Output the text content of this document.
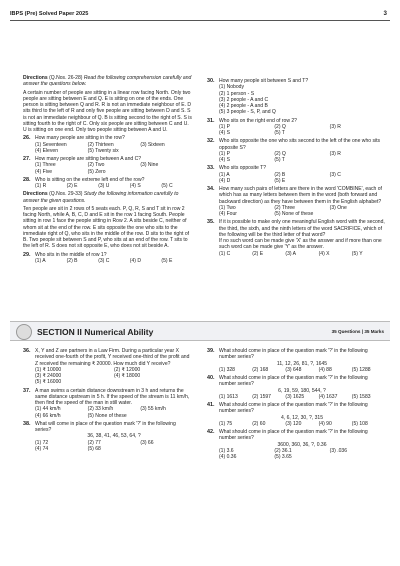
IBPS (Pre) Solved Paper 2025	3

Directions (Q.Nos. 26-28) Read the following comprehension carefully and answer the questions below.

A certain number of people are sitting in a linear row facing North. Only two people are sitting between E and Q. E is sitting on one of the ends. One person is sitting between Q and R. R is not an immediate neighbour of E. D sits third to the left of R and only five people are sitting between D and S. S is not an immediate neighbour of Q. B is sitting second to the right of S. S is sitting fourth to the right of C. Only six people are sitting between C and U. U is sitting on one end. Only two people sitting between A and U.

26. How many people are sitting in the row?
(1) Seventeen	(2) Thirteen	(3) Sixteen
(4) Eleven	(5) Twenty six
27. How many people are sitting between A and C?
(1) Three	(2) Two	(3) Nine
(4) Five	(5) Zero
28. Who is sitting on the extreme left end of the row?
(1) R	(2) E	(3) U	(4) S	(5) C

Directions (Q.Nos. 29-33) Study the following information carefully to answer the given questions.

Ten people are sit in 2 rows of 5 seats each. P, Q, R, S and T sit in row 2 facing North, while A, B, C, D and E sit in the row 1 facing South. People sitting in row 1 face the people sitting in Row 2. A sits beside C, neither of whom sit at the end of the row. E sits opposite the one who sits to the immediate right of Q, who sits in the middle of the row. D sits to the right of B. Two people sit between S and P, who sits at an end of the row. T sits to the left of R. S does not sit opposite E, who does not sit beside A.

29. Who sits in the middle of row 1?
(1) A	(2) B	(3) C	(4) D	(5) E
30. How many people sit between S and T?
(1) Nobody
(2) 1 person - S
(3) 2 people - A and C
(4) 2 people - A and B
(5) 3 people - S, P, and Q
31. Who sits on the right end of row 2?
(1) P	(2) Q	(3) R
(4) S	(5) T
32. Who sits opposite the one who sits second to the left of the one who sits opposite S?
(1) P	(2) Q	(3) R
(4) S	(5) T
33. Who sits opposite T?
(1) A	(2) B	(3) C
(4) D	(5) E
34. How many such pairs of letters are there in the word 'COMBINE', each of which has as many letters between them in the word (both forward and backward direction) as they have between them in the English alphabet?
(1) Two	(2) Three	(3) One
(4) Four	(5) None of these
35. If it is possible to make only one meaningful English word with the second, the third, the sixth, and the ninth letters of the word SACRIFICE, which of the following will be the third letter of that word?

If no such word can be made give 'X' as the answer and if more than one such word can be made give 'Y' as the answer.

(1) C	(2) E	(3) A	(4) X	(5) Y
SECTION II Numerical Ability	35 Questions | 35 Marks
36. X, Y and Z are partners in a Law Firm. During a particular year X received one-fourth of the profit, Y received one-third of the profit and Z received the remaining ₹ 20000. How much did Y receive?
(1) ₹ 10000	(2) ₹ 12000
(3) ₹ 24000	(4) ₹ 18000
(5) ₹ 16000
37. A man swims a certain distance downstream in 3 h and returns the same distance upstream in 5 h. If the speed of the stream is 11 km/h, then find the speed of the man in still water.
(1) 44 km/h	(2) 33 km/h	(3) 55 km/h
(4) 66 km/h	(5) None of these
38. What will come in place of the question mark '?' in the following series?
36, 38, 41, 46, 53, 64, ?
(1) 72	(2) 77	(3) 66
(4) 74	(5) 68
39. What should come in place of the question mark '?' in the following number series?
11, 12, 26, 81, ?, 1645
(1) 328	(2) 168	(3) 648	(4) 88	(5) 1288
40. What should come in place of the question mark '?' in the following number series?
6, 19, 59, 180, 544, ?
(1) 1613	(2) 1597	(3) 1625	(4) 1637	(5) 1583
41. What should come in place of the question mark '?' in the following number series?
4, 6, 12, 30, ?, 315
(1) 75	(2) 60	(3) 120	(4) 90	(5) 108
42. What should come in place of the question mark '?' in the following number series?
3600, 360, 36, ?, 0.36
(1) 3.6	(2) 36.1	(3) .036
(4) 0.36	(5) 3.65
